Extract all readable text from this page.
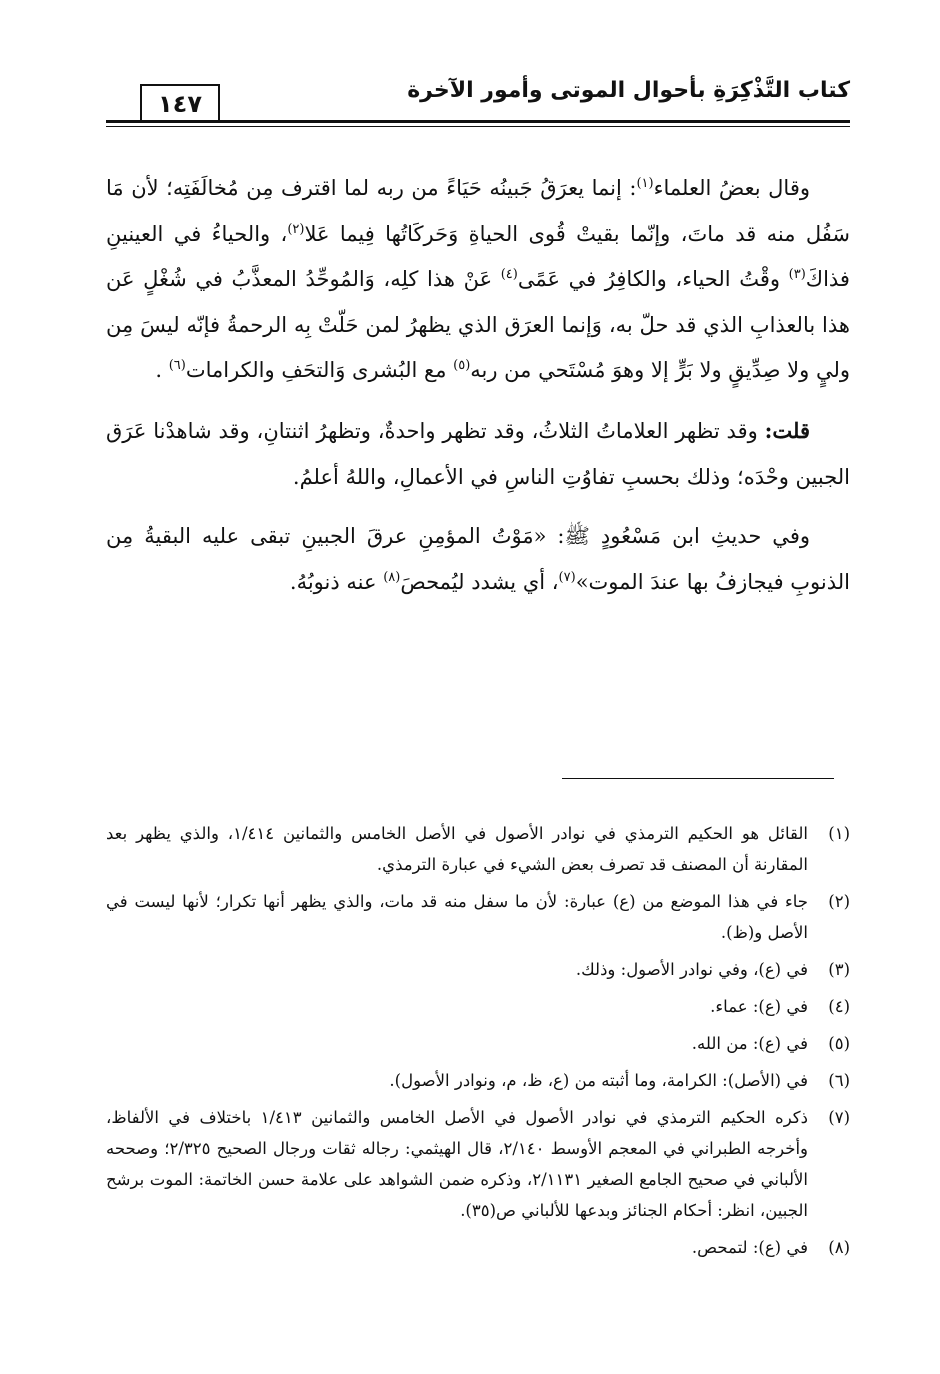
كتاب التَّذْكِرَةِ بأحوال الموتى وأمور الآخرة
١٤٧

وقال بعضُ العلماء$^{(١)}$: إنما يعرَقُ جَبينُه حَيَاءً من ربه لما اقترف مِن مُخالَفَتِه؛ لأن مَا سَفُل منه قد ماتَ، وإنّما بقيتْ قُوى الحياةِ وَحَركَاتُها فِيما عَلا$^{(٢)}$، والحياءُ في العينينِ فذاكَ$^{(٣)}$ وقْتُ الحياء، والكافِرُ في عَمًى$^{(٤)}$ عَنْ هذا كلِه، وَالمُوحِّدُ المعذَّبُ في شُغْلٍ عَن هذا بالعذابِ الذي قد حلّ به، وَإنما العرَق الذي يظهرُ لمن حَلّتْ بِه الرحمةُ فإنّه ليسَ مِن وليٍ ولا صِدِّيقٍ ولا بَرٍّ إلا وهوَ مُسْتَحي من ربه$^{(٥)}$ مع البُشرى وَالتحَفِ والكرامات$^{(٦)}$ .

قلت: وقد تظهر العلاماتُ الثلاثُ، وقد تظهر واحدةٌ، وتظهرُ اثنتانِ، وقد شاهدْنا عَرَق الجبين وحْدَه؛ وذلك بحسبِ تفاوُتِ الناسِ في الأعمالِ، واللهُ أعلمُ.

وفي حديثِ ابن مَسْعُودٍ ﷺ: «مَوْتُ المؤمِنِ عرقَ الجبينِ تبقى عليه البقيةُ مِن الذنوبِ فيجازفُ بها عندَ الموت»$^{(٧)}$، أي يشدد ليُمحصَ$^{(٨)}$ عنه ذنوبُهُ.

(١)
القائل هو الحكيم الترمذي في نوادر الأصول في الأصل الخامس والثمانين ١/٤١٤، والذي يظهر بعد المقارنة أن المصنف قد تصرف بعض الشيء في عبارة الترمذي.
(٢)
جاء في هذا الموضع من (ع) عبارة: لأن ما سفل منه قد مات، والذي يظهر أنها تكرار؛ لأنها ليست في الأصل و(ظ).
(٣)
في (ع)، وفي نوادر الأصول: وذلك.
(٤)
في (ع): عماء.
(٥)
في (ع): من الله.
(٦)
في (الأصل): الكرامة، وما أثبته من (ع، ظ، م، ونوادر الأصول).
(٧)
ذكره الحكيم الترمذي في نوادر الأصول في الأصل الخامس والثمانين ١/٤١٣ باختلاف في الألفاظ، وأخرجه الطبراني في المعجم الأوسط ٢/١٤٠، قال الهيثمي: رجاله ثقات ورجال الصحيح ٢/٣٢٥؛ وصححه الألباني في صحيح الجامع الصغير ٢/١١٣١، وذكره ضمن الشواهد على علامة حسن الخاتمة: الموت برشح الجبين، انظر: أحكام الجنائز وبدعها للألباني ص(٣٥).
(٨)
في (ع): لتمحص.
